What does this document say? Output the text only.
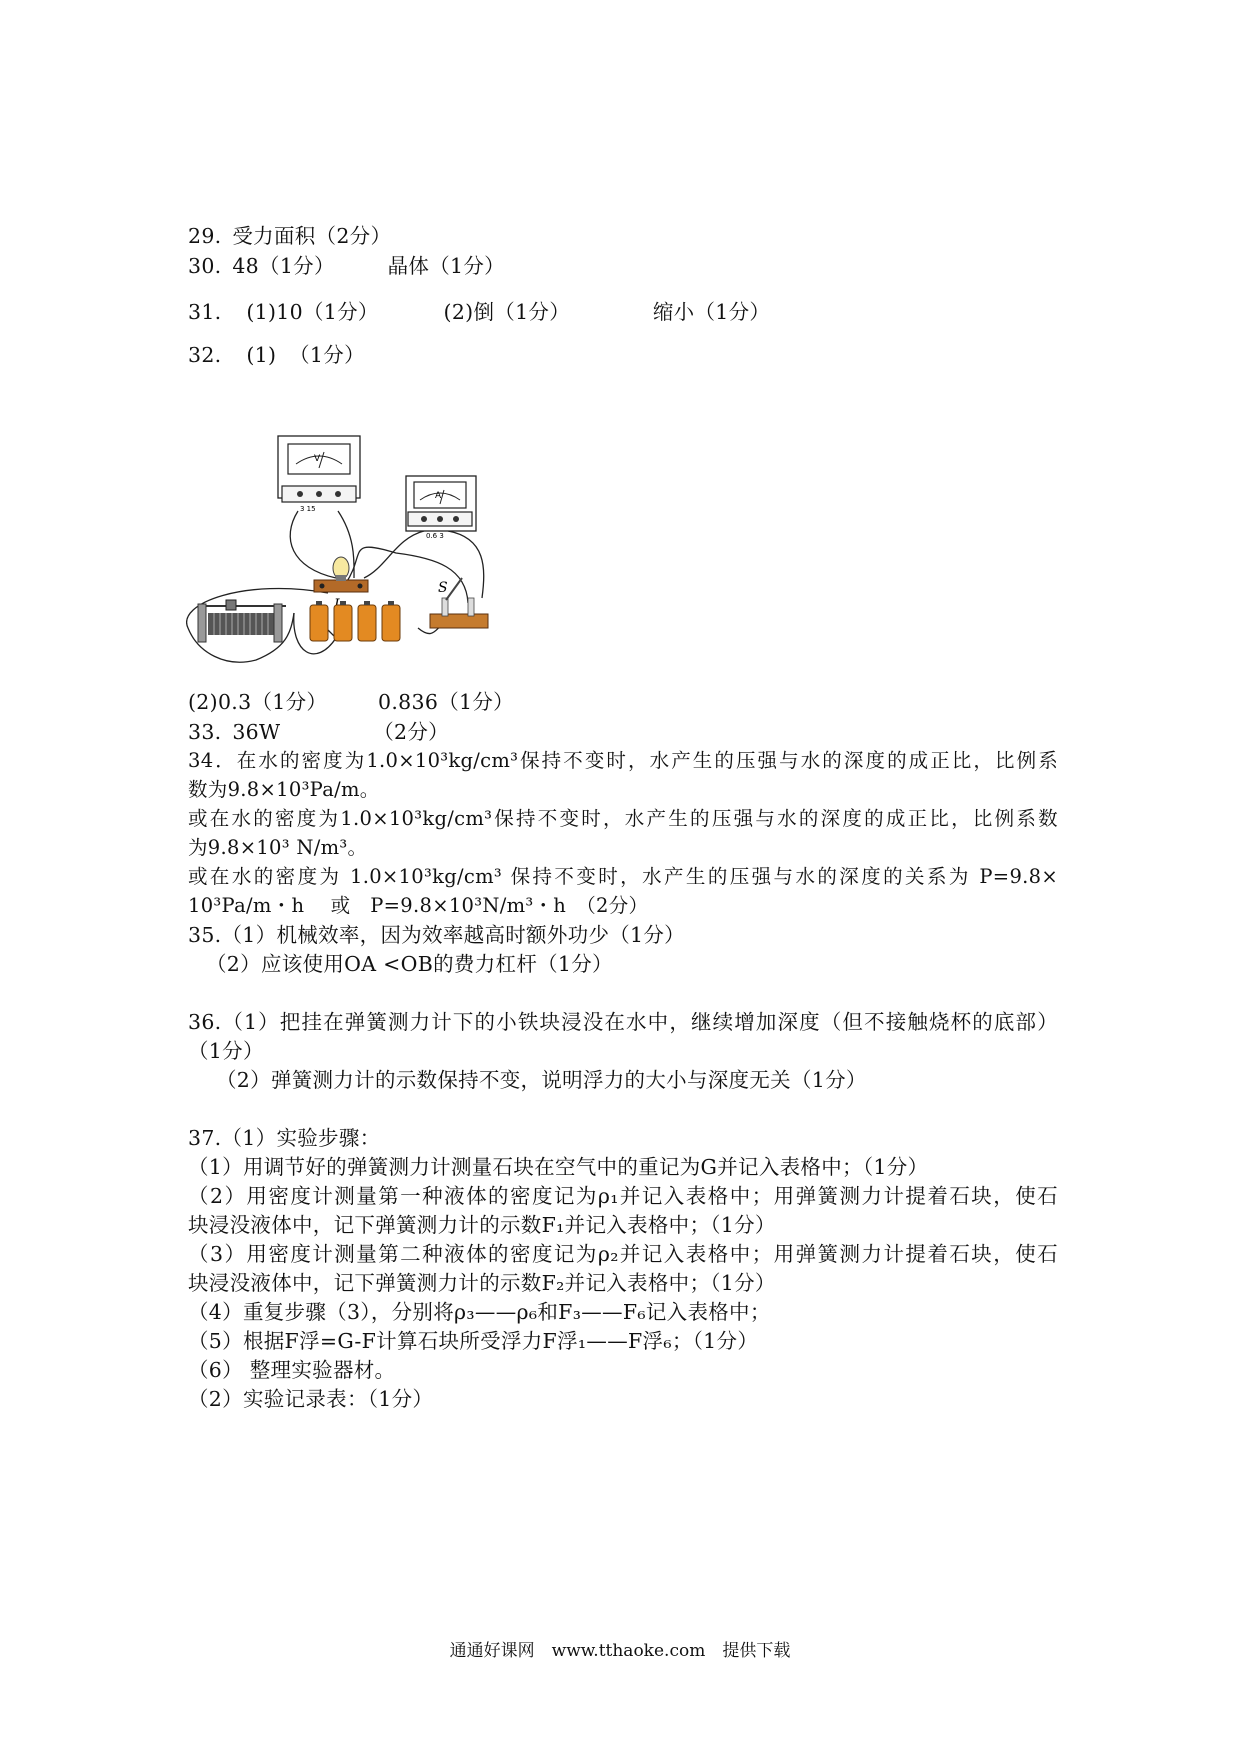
29. 受力面积（2分）
30. 48（1分）	晶体（1分）
31. (1)10（1分）	(2)倒（1分）	缩小（1分）
32. (1) （1分）
V
3 15
A
0.6 3
S
(2)0.3（1分） 0.836（1分）
33. 36W	（2分）
34．在水的密度为1.0×10³kg/cm³保持不变时，水产生的压强与水的深度的成正比，比例系
数为9.8×10³Pa/m。
或在水的密度为1.0×10³kg/cm³保持不变时，水产生的压强与水的深度的成正比，比例系数
为9.8×10³ N/m³。
或在水的密度为 1.0×10³kg/cm³ 保持不变时，水产生的压强与水的深度的关系为 P=9.8×
10³Pa/m・h　 或　P=9.8×10³N/m³・h　（2分）
35.（1）机械效率，因为效率越高时额外功少（1分）
（2）应该使用OA <OB的费力杠杆（1分）
36.（1）把挂在弹簧测力计下的小铁块浸没在水中，继续增加深度（但不接触烧杯的底部）
（1分）
（2）弹簧测力计的示数保持不变，说明浮力的大小与深度无关（1分）
37.（1）实验步骤：
（1）用调节好的弹簧测力计测量石块在空气中的重记为G并记入表格中；（1分）
（2）用密度计测量第一种液体的密度记为ρ₁并记入表格中；用弹簧测力计提着石块，使石
块浸没液体中，记下弹簧测力计的示数F₁并记入表格中；（1分）
（3）用密度计测量第二种液体的密度记为ρ₂并记入表格中；用弹簧测力计提着石块，使石
块浸没液体中，记下弹簧测力计的示数F₂并记入表格中；（1分）
（4）重复步骤（3），分别将ρ₃——ρ₆和F₃——F₆记入表格中；
（5）根据F浮=G-F计算石块所受浮力F浮₁——F浮₆；（1分）
（6） 整理实验器材。
（2）实验记录表：（1分）
通通好课网　www.tthaoke.com　提供下载
